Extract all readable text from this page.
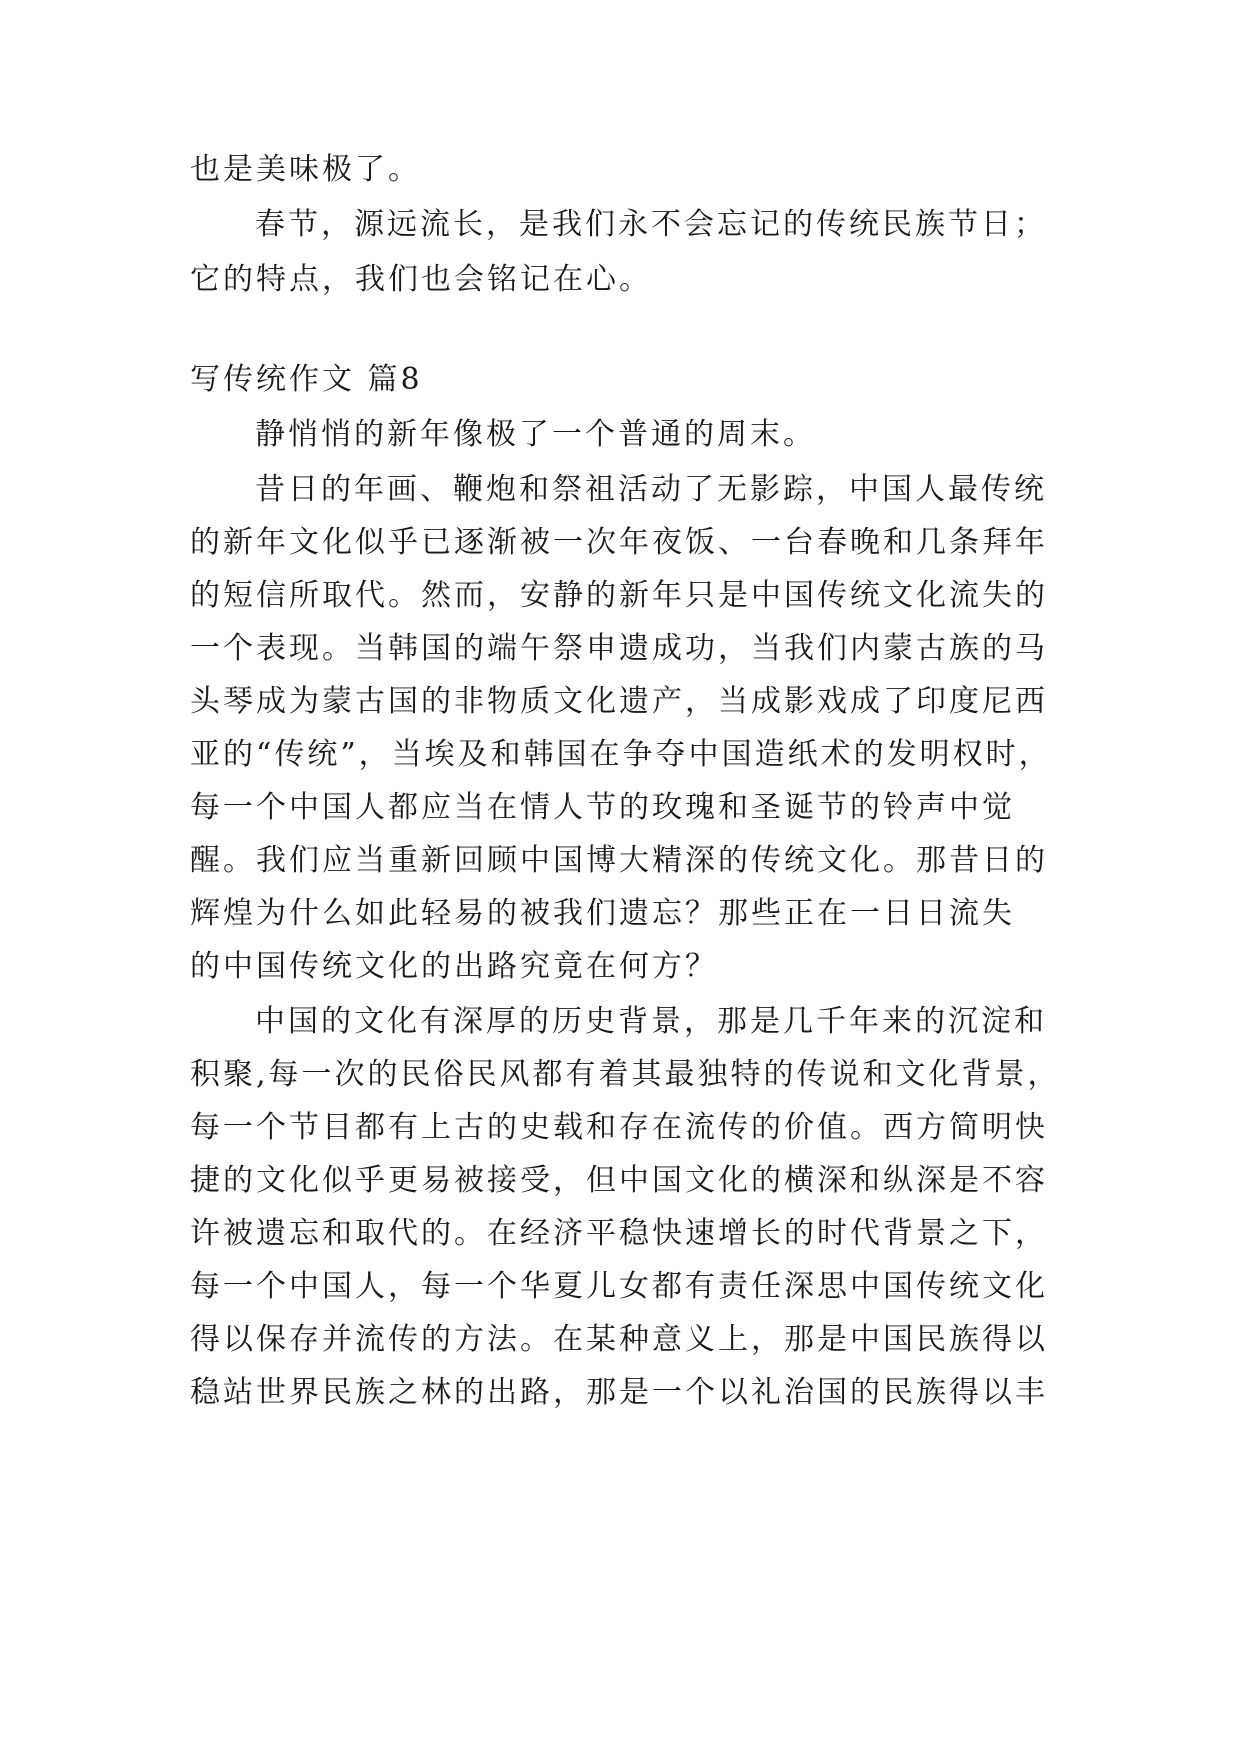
也是美味极了。
春节，源远流长，是我们永不会忘记的传统民族节日；
它的特点，我们也会铭记在心。
写传统作文 篇8
静悄悄的新年像极了一个普通的周末。
昔日的年画、鞭炮和祭祖活动了无影踪，中国人最传统
的新年文化似乎已逐渐被一次年夜饭、一台春晚和几条拜年
的短信所取代。然而，安静的新年只是中国传统文化流失的
一个表现。当韩国的端午祭申遗成功，当我们内蒙古族的马
头琴成为蒙古国的非物质文化遗产，当成影戏成了印度尼西
亚的“传统”，当埃及和韩国在争夺中国造纸术的发明权时，
每一个中国人都应当在情人节的玫瑰和圣诞节的铃声中觉
醒。我们应当重新回顾中国博大精深的传统文化。那昔日的
辉煌为什么如此轻易的被我们遗忘？那些正在一日日流失
的中国传统文化的出路究竟在何方？
中国的文化有深厚的历史背景，那是几千年来的沉淀和
积聚,每一次的民俗民风都有着其最独特的传说和文化背景，
每一个节目都有上古的史载和存在流传的价值。西方简明快
捷的文化似乎更易被接受，但中国文化的横深和纵深是不容
许被遗忘和取代的。在经济平稳快速增长的时代背景之下，
每一个中国人，每一个华夏儿女都有责任深思中国传统文化
得以保存并流传的方法。在某种意义上，那是中国民族得以
稳站世界民族之林的出路，那是一个以礼治国的民族得以丰
